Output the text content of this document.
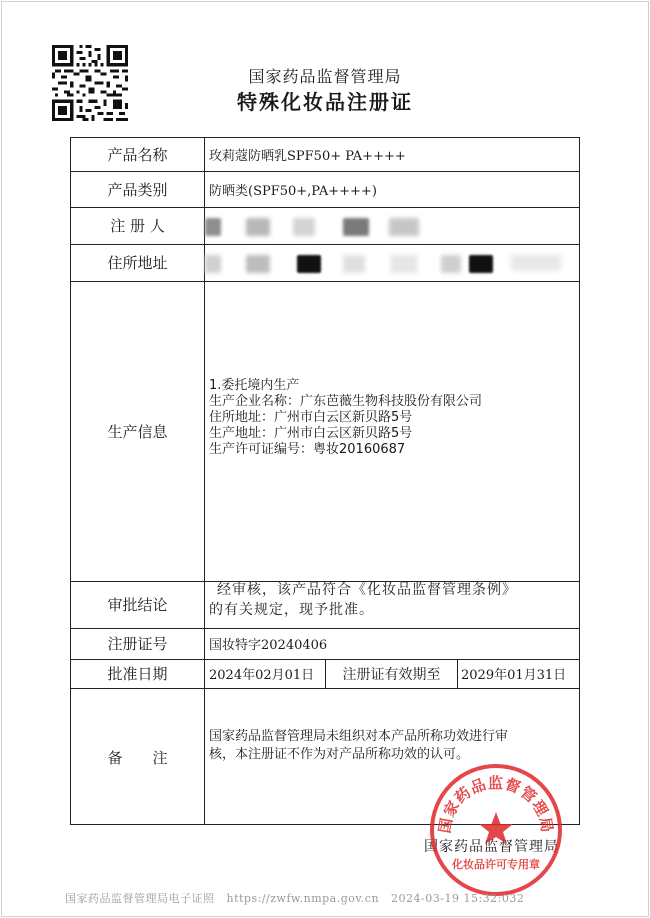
国家药品监督管理局
特殊化妆品注册证
产品名称
产品类别
注 册 人
住所地址
生产信息
审批结论
注册证号
批准日期
备　　注
玫莉蔻防晒乳SPF50+ PA++++
防晒类(SPF50+,PA++++)
国妆特字20240406
2024年02月01日	注册证有效期至	2029年01月31日
1.委托境内生产
生产企业名称：广东芭薇生物科技股份有限公司
住所地址：广州市白云区新贝路5号
生产地址：广州市白云区新贝路5号
生产许可证编号：粤妆20160687
经审核，该产品符合《化妆品监督管理条例》
的有关规定，现予批准。
国家药品监督管理局未组织对本产品所称功效进行审
核，本注册证不作为对产品所称功效的认可。
国家药品监督管理局
国家药品监督管理局
化妆品许可专用章
国家药品监督管理局电子证照 https://zwfw.nmpa.gov.cn 2024-03-19 15:32:032
